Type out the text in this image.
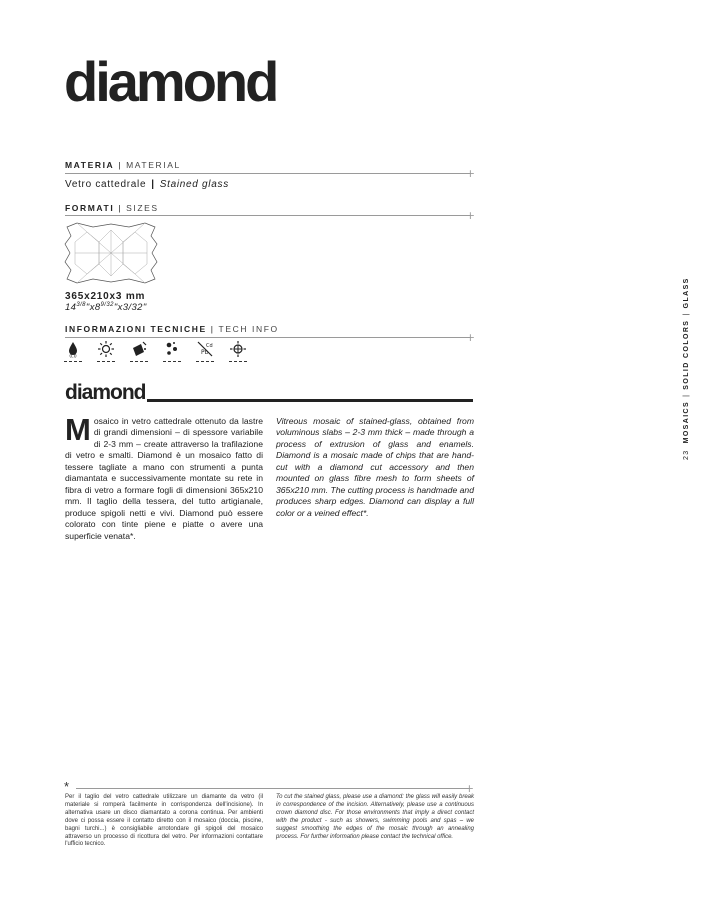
diamond
MATERIA | MATERIAL
+
Vetro cattedrale | Stained glass
FORMATI | SIZES
+
365x210x3 mm
$14^{3/8}"x8^{9/32}"x3/32$"
INFORMAZIONI TECNICHE | TECH INFO
+
0,0
Cd
Pb
diamond
Mosaico in vetro cattedrale ottenuto da lastre di grandi dimensioni – di spessore variabile di 2-3 mm – create attraverso la trafilazione di vetro e smalti. Diamond è un mosaico fatto di tessere tagliate a mano con strumenti a punta diamantata e successivamente montate su rete in fibra di vetro a formare fogli di dimensioni 365x210 mm. Il taglio della tessera, del tutto artigianale, produce spigoli netti e vivi. Diamond può essere colorato con tinte piene e piatte o avere una superficie venata*.
Vitreous mosaic of stained-glass, obtained from voluminous slabs – 2-3 mm thick – made through a process of extrusion of glass and enamels. Diamond is a mosaic made of chips that are hand-cut with a diamond cut accessory and then mounted on glass fibre mesh to form sheets of 365x210 mm. The cutting process is handmade and produces sharp edges. Diamond can display a full color or a veined effect*.
23MOSAICS|SOLID COLORS|GLASS
*	+
Per il taglio del vetro cattedrale utilizzare un diamante da vetro (il materiale si romperà facilmente in corrispondenza dell'incisione). In alternativa usare un disco diamantato a corona continua. Per ambienti dove ci possa essere il contatto diretto con il mosaico (doccia, piscine, bagni turchi...) è consigliabile arrotondare gli spigoli del mosaico attraverso un processo di ricottura del vetro. Per informazioni contattare l'ufficio tecnico.
To cut the stained glass, please use a diamond: the glass will easily break in correspondence of the incision. Alternatively, please use a continuous crown diamond disc. For those environments that imply a direct contact with the product - such as showers, swimming pools and spas – we suggest smoothing the edges of the mosaic through an annealing process. For further information please contact the technical office.
